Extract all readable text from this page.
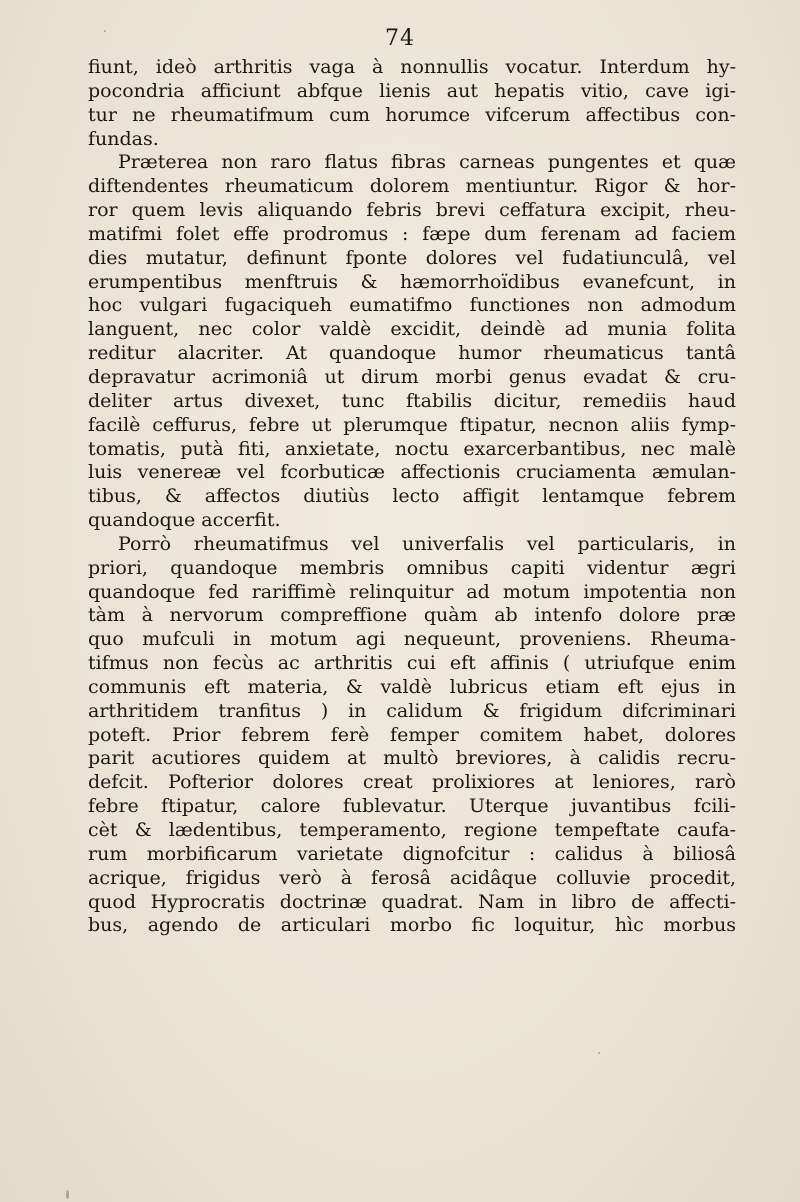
74
fiunt, ideò arthritis vaga à nonnullis vocatur. Interdum hy-
pocondria afficiunt abfque lienis aut hepatis vitio, cave igi-
tur ne rheumatifmum cum horumce vifcerum affectibus con-
fundas.
Præterea non raro flatus fibras carneas pungentes et quæ
diftendentes rheumaticum dolorem mentiuntur. Rigor & hor-
ror quem levis aliquando febris brevi ceffatura excipit, rheu-
matifmi folet effe prodromus : fæpe dum ferenam ad faciem
dies mutatur, definunt fponte dolores vel fudatiunculâ, vel
erumpentibus menftruis & hæmorrhoïdibus evanefcunt, in
hoc vulgari fugaciqueh eumatifmo functiones non admodum
languent, nec color valdè excidit, deindè ad munia folita
reditur alacriter. At quandoque humor rheumaticus tantâ
depravatur acrimoniâ ut dirum morbi genus evadat & cru-
deliter artus divexet, tunc ftabilis dicitur, remediis haud
facilè ceffurus, febre ut plerumque ftipatur, necnon aliis fymp-
tomatis, putà fiti, anxietate, noctu exarcerbantibus, nec malè
luis venereæ vel fcorbuticæ affectionis cruciamenta æmulan-
tibus, & affectos diutiùs lecto affigit lentamque febrem
quandoque accerfit.
Porrò rheumatifmus vel univerfalis vel particularis, in
priori, quandoque membris omnibus capiti videntur ægri
quandoque fed rariffimè relinquitur ad motum impotentia non
tàm à nervorum compreffione quàm ab intenfo dolore præ
quo mufculi in motum agi nequeunt, proveniens. Rheuma-
tifmus non fecùs ac arthritis cui eft affinis ( utriufque enim
communis eft materia, & valdè lubricus etiam eft ejus in
arthritidem tranfitus ) in calidum & frigidum difcriminari
poteft. Prior febrem ferè femper comitem habet, dolores
parit acutiores quidem at multò breviores, à calidis recru-
defcit. Pofterior dolores creat prolixiores at leniores, rarò
febre ftipatur, calore fublevatur. Uterque juvantibus fcili-
cèt & lædentibus, temperamento, regione tempeftate caufa-
rum morbificarum varietate dignofcitur : calidus à biliosâ
acrique, frigidus verò à ferosâ acidâque colluvie procedit,
quod Hyprocratis doctrinæ quadrat. Nam in libro de affecti-
bus, agendo de articulari morbo fic loquitur, hìc morbus
